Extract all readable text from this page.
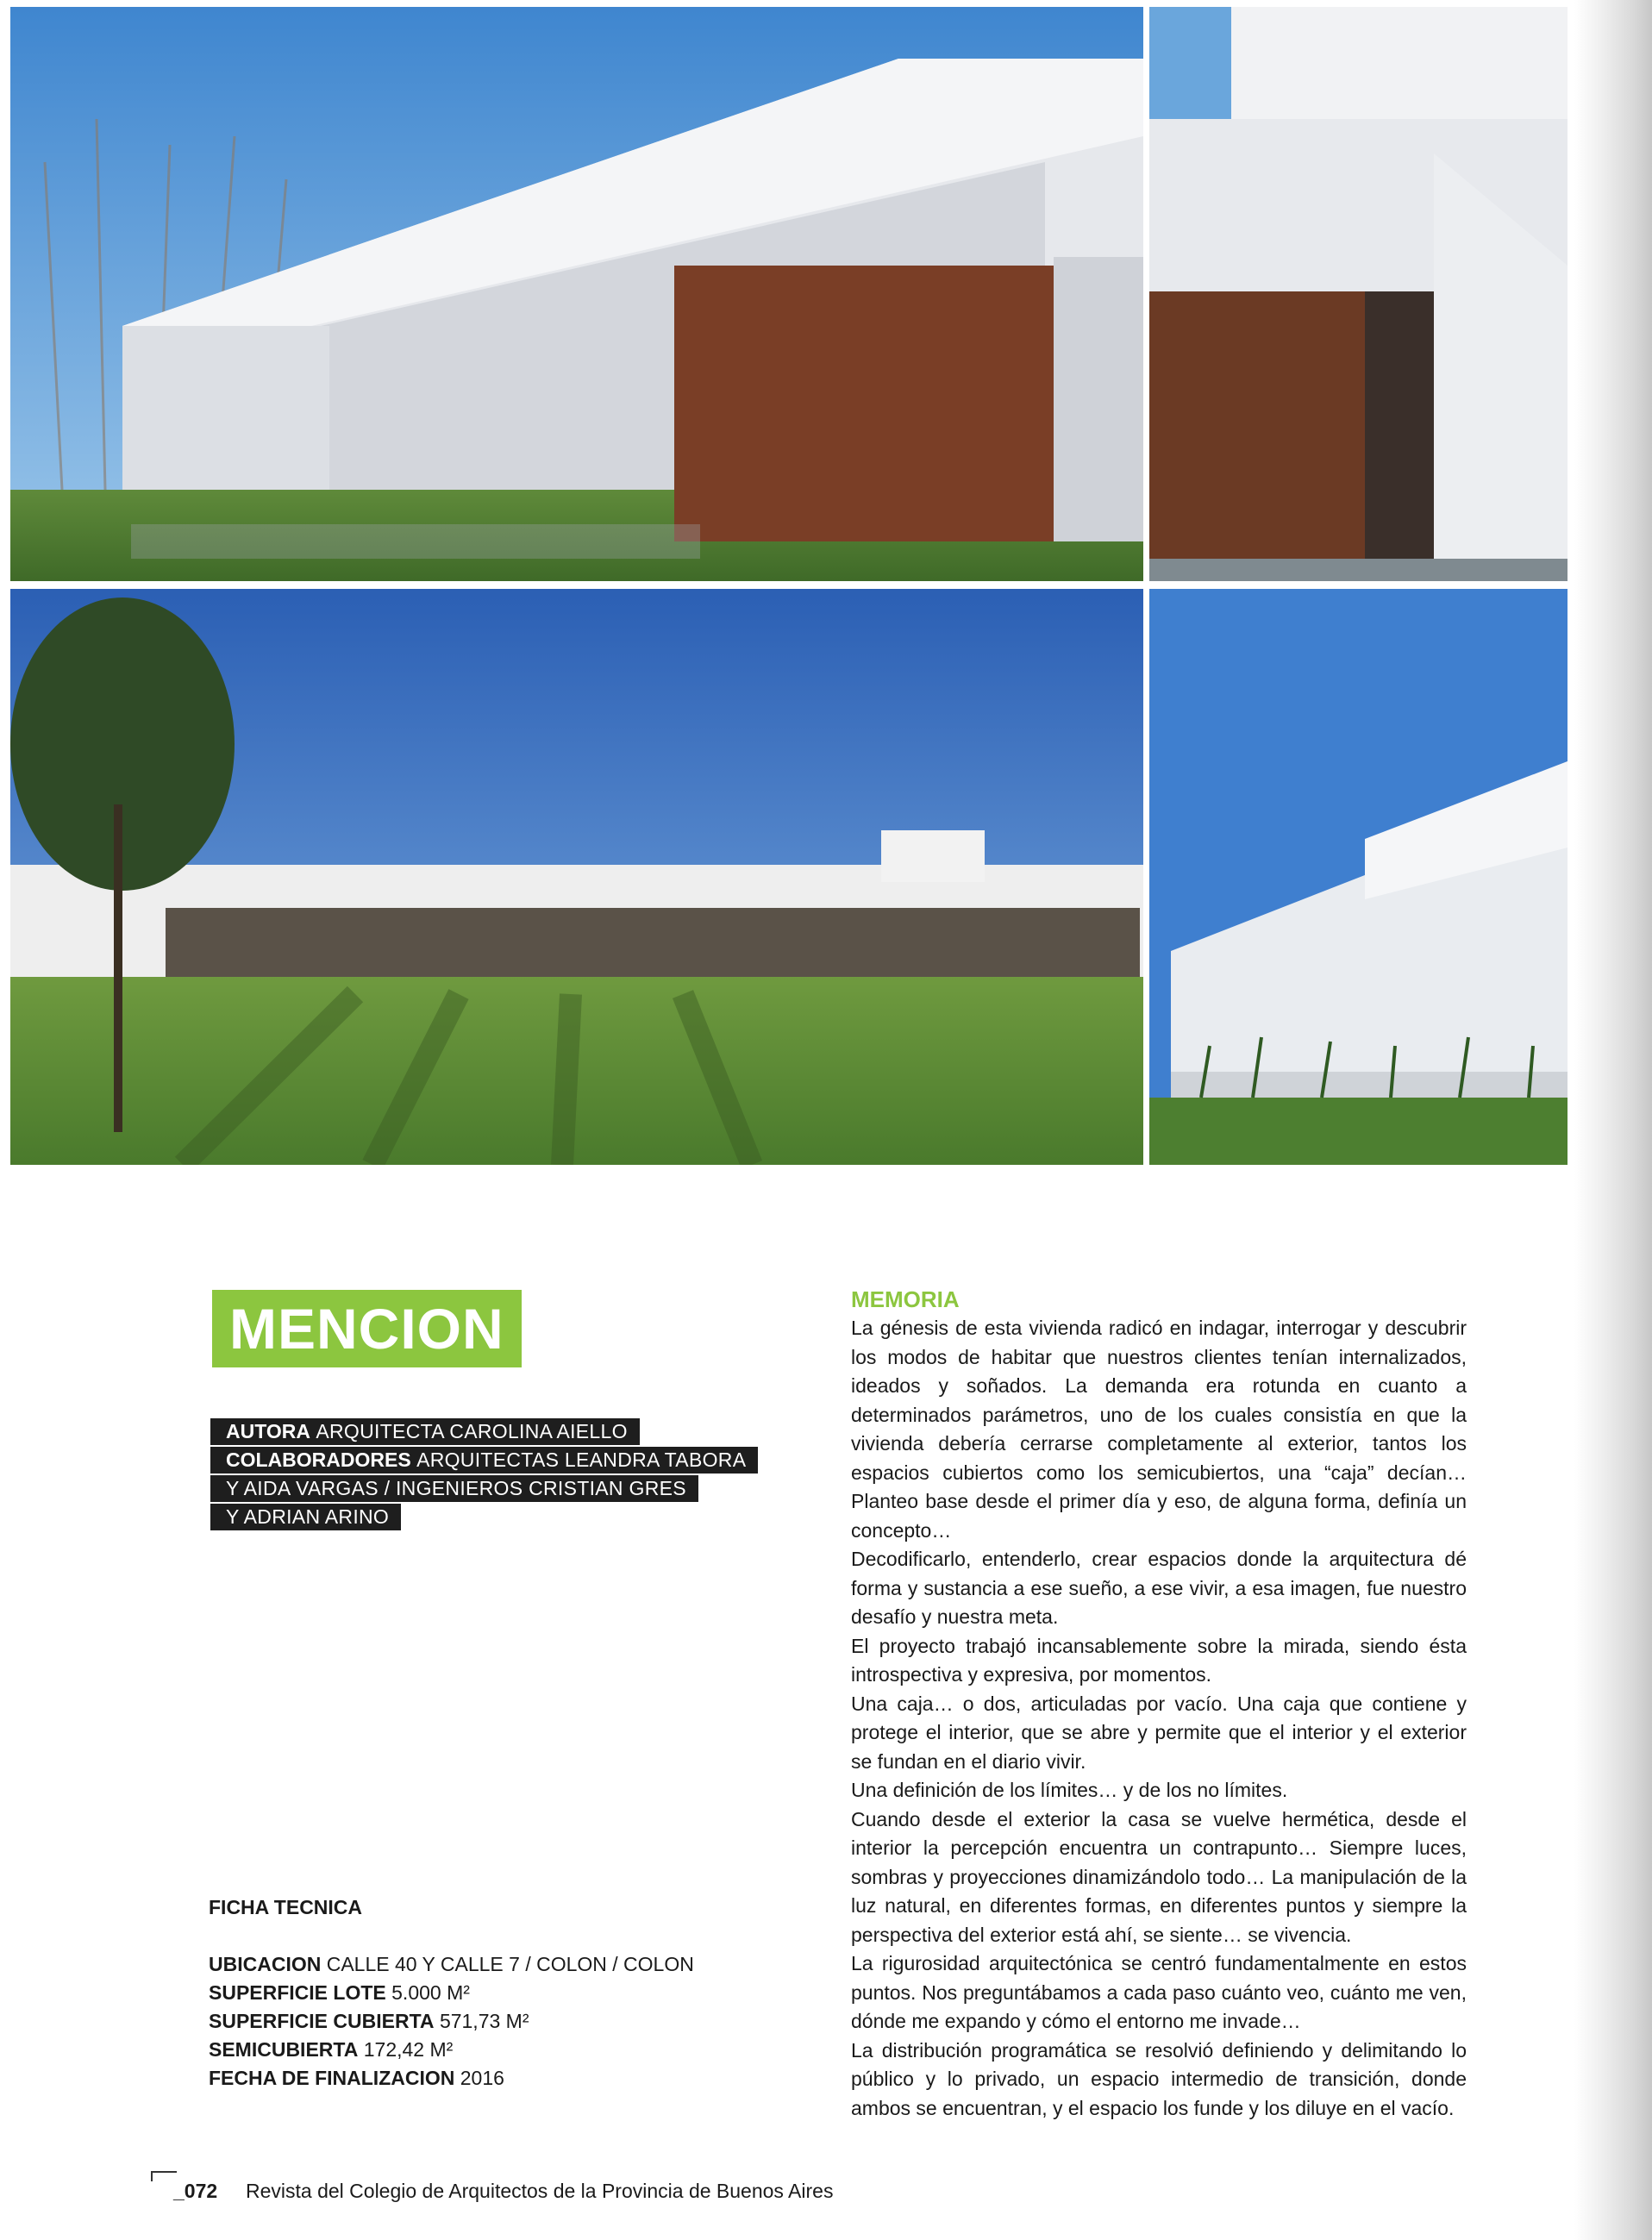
MENCION
AUTORA ARQUITECTA CAROLINA AIELLO
COLABORADORES ARQUITECTAS LEANDRA TABORA
Y AIDA VARGAS / INGENIEROS CRISTIAN GRES
Y ADRIAN ARINO
FICHA TECNICA
UBICACION CALLE 40 Y CALLE 7 / COLON / COLON
SUPERFICIE LOTE 5.000 M²
SUPERFICIE CUBIERTA 571,73 M²
SEMICUBIERTA 172,42 M²
FECHA DE FINALIZACION 2016
MEMORIA

La génesis de esta vivienda radicó en indagar, interrogar y descubrir los modos de habitar que nuestros clientes tenían internalizados, ideados y soñados. La demanda era rotunda en cuanto a determinados parámetros, uno de los cuales consistía en que la vivienda debería cerrarse completamente al exterior, tantos los espacios cubiertos como los semicubiertos, una “caja” decían… Planteo base desde el primer día y eso, de alguna forma, definía un concepto…

Decodificarlo, entenderlo, crear espacios donde la arquitectura dé forma y sustancia a ese sueño, a ese vivir, a esa imagen, fue nuestro desafío y nuestra meta.

El proyecto trabajó incansablemente sobre la mirada, siendo ésta introspectiva y expresiva, por momentos.

Una caja… o dos, articuladas por vacío. Una caja que contiene y protege el interior, que se abre y permite que el interior y el exterior se fundan en el diario vivir.

Una definición de los límites… y de los no límites.

Cuando desde el exterior la casa se vuelve hermética, desde el interior la percepción encuentra un contrapunto… Siempre luces, sombras y proyecciones dinamizándolo todo… La manipulación de la luz natural, en diferentes formas, en diferentes puntos y siempre la perspectiva del exterior está ahí, se siente… se vivencia.

La rigurosidad arquitectónica se centró fundamentalmente en estos puntos. Nos preguntábamos a cada paso cuánto veo, cuánto me ven, dónde me expando y cómo el entorno me invade…

La distribución programática se resolvió definiendo y delimitando lo público y lo privado, un espacio intermedio de transición, donde ambos se encuentran, y el espacio los funde y los diluye en el vacío.

_072 Revista del Colegio de Arquitectos de la Provincia de Buenos Aires
